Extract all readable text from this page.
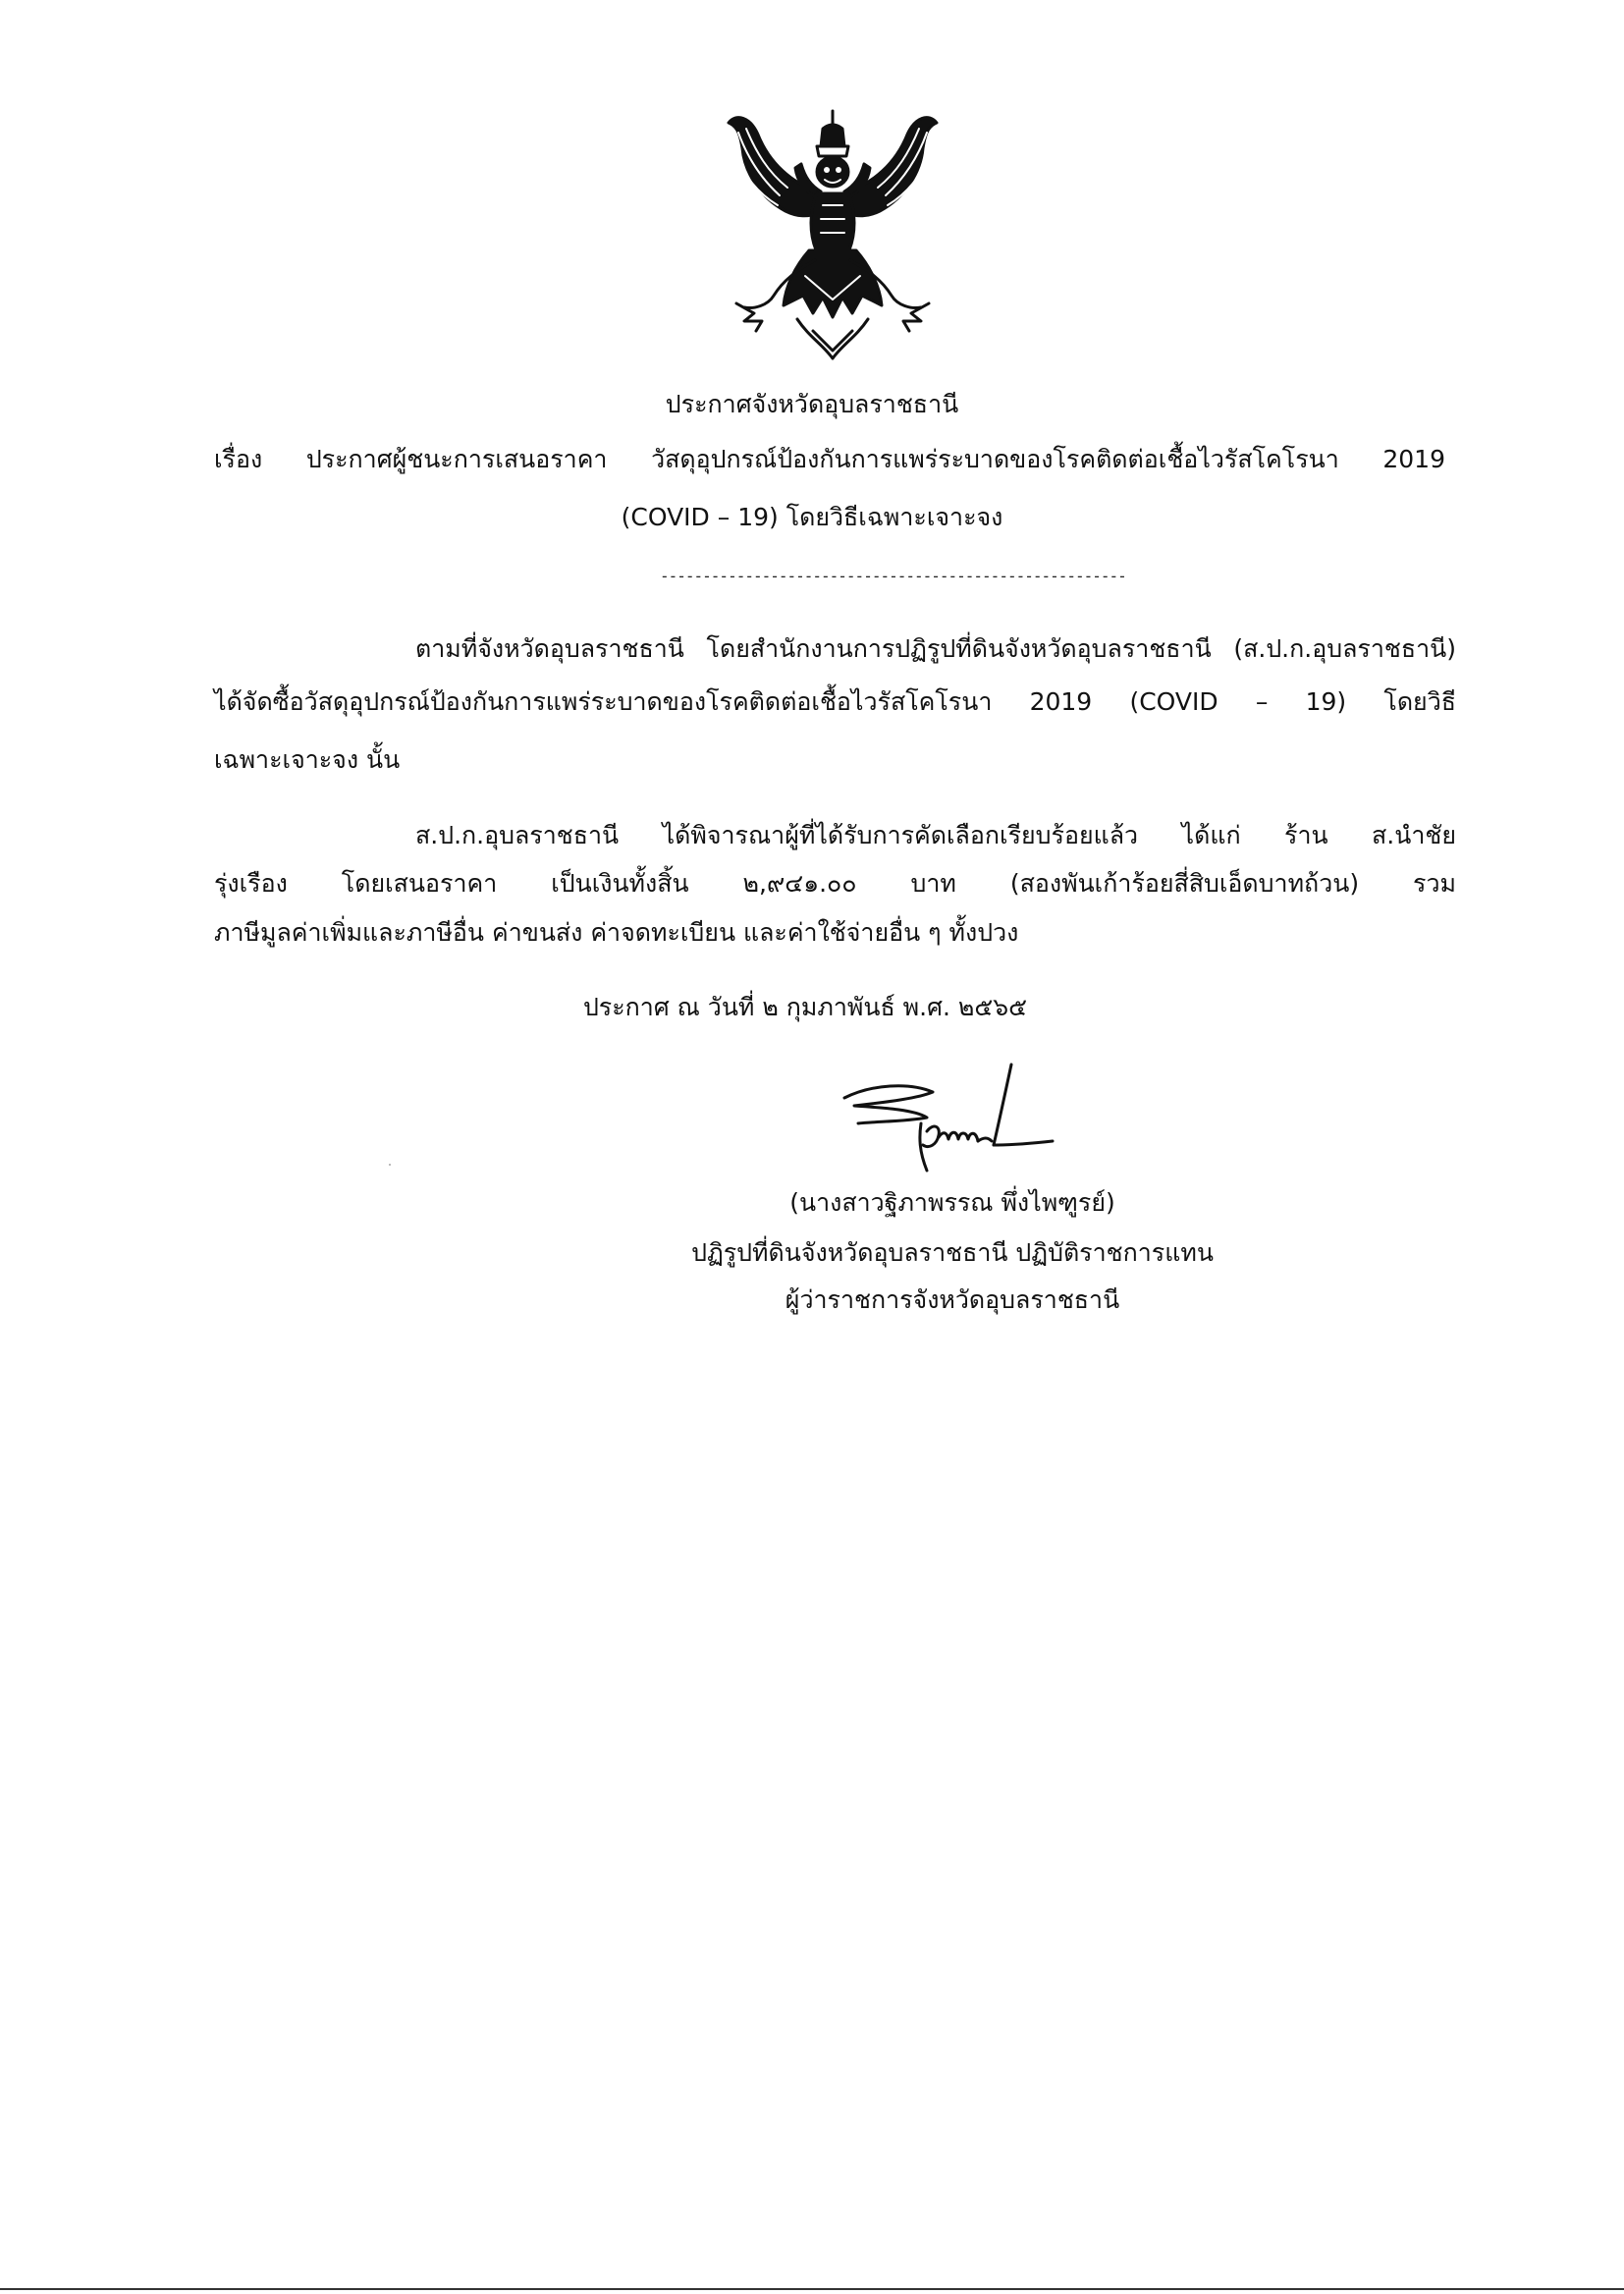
ประกาศจังหวัดอุบลราชธานี
เรื่อง ประกาศผู้ชนะการเสนอราคา วัสดุอุปกรณ์ป้องกันการแพร่ระบาดของโรคติดต่อเชื้อไวรัสโคโรนา 2019
(COVID – 19) โดยวิธีเฉพาะเจาะจง
-------------------------------------------------------
ตามที่จังหวัดอุบลราชธานี โดยสำนักงานการปฏิรูปที่ดินจังหวัดอุบลราชธานี (ส.ป.ก.อุบลราชธานี)
ได้จัดซื้อวัสดุอุปกรณ์ป้องกันการแพร่ระบาดของโรคติดต่อเชื้อไวรัสโคโรนา 2019 (COVID – 19) โดยวิธี
เฉพาะเจาะจง นั้น
ส.ป.ก.อุบลราชธานี ได้พิจารณาผู้ที่ได้รับการคัดเลือกเรียบร้อยแล้ว ได้แก่ ร้าน ส.นำชัย
รุ่งเรือง โดยเสนอราคา เป็นเงินทั้งสิ้น ๒,๙๔๑.๐๐ บาท (สองพันเก้าร้อยสี่สิบเอ็ดบาทถ้วน) รวม
ภาษีมูลค่าเพิ่มและภาษีอื่น ค่าขนส่ง ค่าจดทะเบียน และค่าใช้จ่ายอื่น ๆ ทั้งปวง
ประกาศ ณ วันที่ ๒ กุมภาพันธ์ พ.ศ. ๒๕๖๕
(นางสาวฐิภาพรรณ พึ่งไพฑูรย์)
ปฏิรูปที่ดินจังหวัดอุบลราชธานี ปฏิบัติราชการแทน
ผู้ว่าราชการจังหวัดอุบลราชธานี
